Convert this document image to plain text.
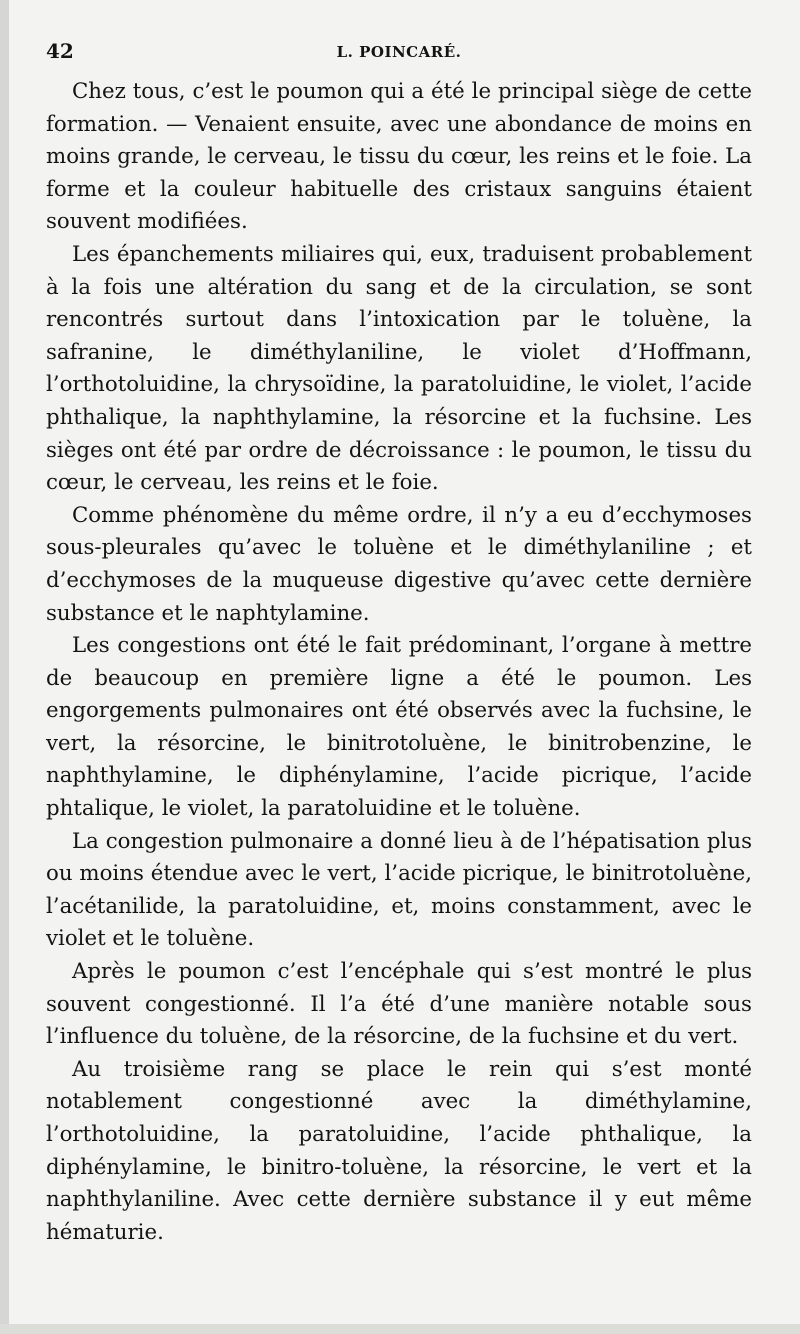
42	L. POINCARÉ.

Chez tous, c’est le poumon qui a été le principal siège de cette formation. — Venaient ensuite, avec une abondance de moins en moins grande, le cerveau, le tissu du cœur, les reins et le foie. La forme et la couleur habituelle des cristaux sanguins étaient souvent modifiées.

Les épanchements miliaires qui, eux, traduisent probablement à la fois une altération du sang et de la circulation, se sont rencontrés surtout dans l’intoxication par le toluène, la safranine, le diméthylaniline, le violet d’Hoffmann, l’orthotoluidine, la chrysoïdine, la paratoluidine, le violet, l’acide phthalique, la naphthylamine, la résorcine et la fuchsine. Les sièges ont été par ordre de décroissance : le poumon, le tissu du cœur, le cerveau, les reins et le foie.

Comme phénomène du même ordre, il n’y a eu d’ecchymoses sous-pleurales qu’avec le toluène et le diméthylaniline ; et d’ecchymoses de la muqueuse digestive qu’avec cette dernière substance et le naphtylamine.

Les congestions ont été le fait prédominant, l’organe à mettre de beaucoup en première ligne a été le poumon. Les engorgements pulmonaires ont été observés avec la fuchsine, le vert, la résorcine, le binitrotoluène, le binitrobenzine, le naphthylamine, le diphénylamine, l’acide picrique, l’acide phtalique, le violet, la paratoluidine et le toluène.

La congestion pulmonaire a donné lieu à de l’hépatisation plus ou moins étendue avec le vert, l’acide picrique, le binitrotoluène, l’acétanilide, la paratoluidine, et, moins constamment, avec le violet et le toluène.

Après le poumon c’est l’encéphale qui s’est montré le plus souvent congestionné. Il l’a été d’une manière notable sous l’influence du toluène, de la résorcine, de la fuchsine et du vert.

Au troisième rang se place le rein qui s’est monté notablement congestionné avec la diméthylamine, l’orthotoluidine, la paratoluidine, l’acide phthalique, la diphénylamine, le binitro-toluène, la résorcine, le vert et la naphthylaniline. Avec cette dernière substance il y eut même hématurie.
